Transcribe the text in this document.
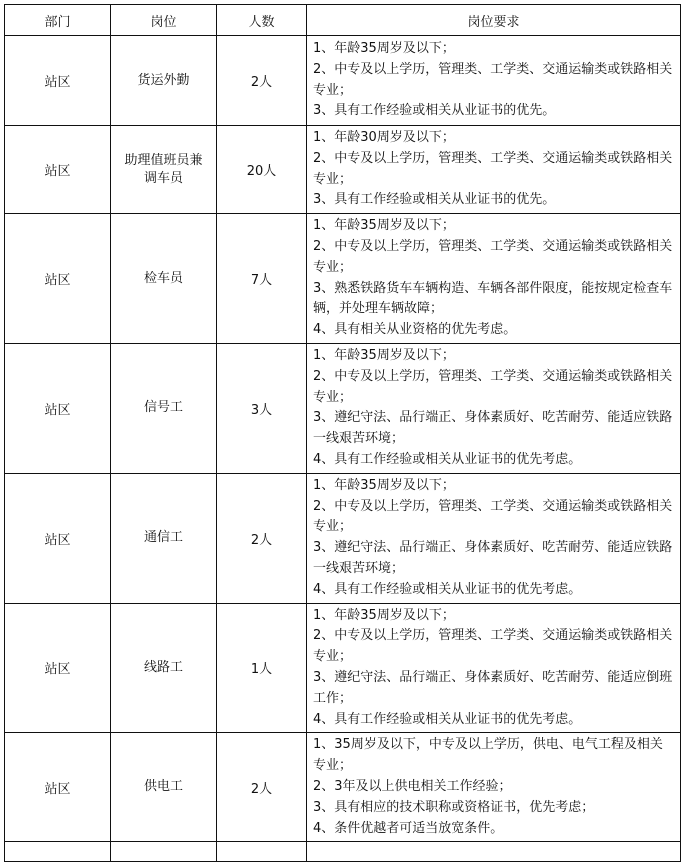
部门	岗位	人数	岗位要求
站区	货运外勤	2人	1、年龄35周岁及以下；
2、中专及以上学历，管理类、工学类、交通运输类或铁路相关专业；
3、具有工作经验或相关从业证书的优先。

站区	助理值班员兼调车员	20人	1、年龄30周岁及以下；
2、中专及以上学历，管理类、工学类、交通运输类或铁路相关专业；
3、具有工作经验或相关从业证书的优先。

站区	检车员	7人	1、年龄35周岁及以下；
2、中专及以上学历，管理类、工学类、交通运输类或铁路相关专业；
3、熟悉铁路货车车辆构造、车辆各部件限度，能按规定检查车辆，并处理车辆故障；
4、具有相关从业资格的优先考虑。

站区	信号工	3人	1、年龄35周岁及以下；
2、中专及以上学历，管理类、工学类、交通运输类或铁路相关专业；
3、遵纪守法、品行端正、身体素质好、吃苦耐劳、能适应铁路一线艰苦环境；
4、具有工作经验或相关从业证书的优先考虑。

站区	通信工	2人	1、年龄35周岁及以下；
2、中专及以上学历，管理类、工学类、交通运输类或铁路相关专业；
3、遵纪守法、品行端正、身体素质好、吃苦耐劳、能适应铁路一线艰苦环境；
4、具有工作经验或相关从业证书的优先考虑。

站区	线路工	1人	1、年龄35周岁及以下；
2、中专及以上学历，管理类、工学类、交通运输类或铁路相关专业；
3、遵纪守法、品行端正、身体素质好、吃苦耐劳、能适应倒班工作；
4、具有工作经验或相关从业证书的优先考虑。

站区	供电工	2人	1、35周岁及以下，中专及以上学历，供电、电气工程及相关专业；
2、3年及以上供电相关工作经验；
3、具有相应的技术职称或资格证书，优先考虑；
4、条件优越者可适当放宽条件。
